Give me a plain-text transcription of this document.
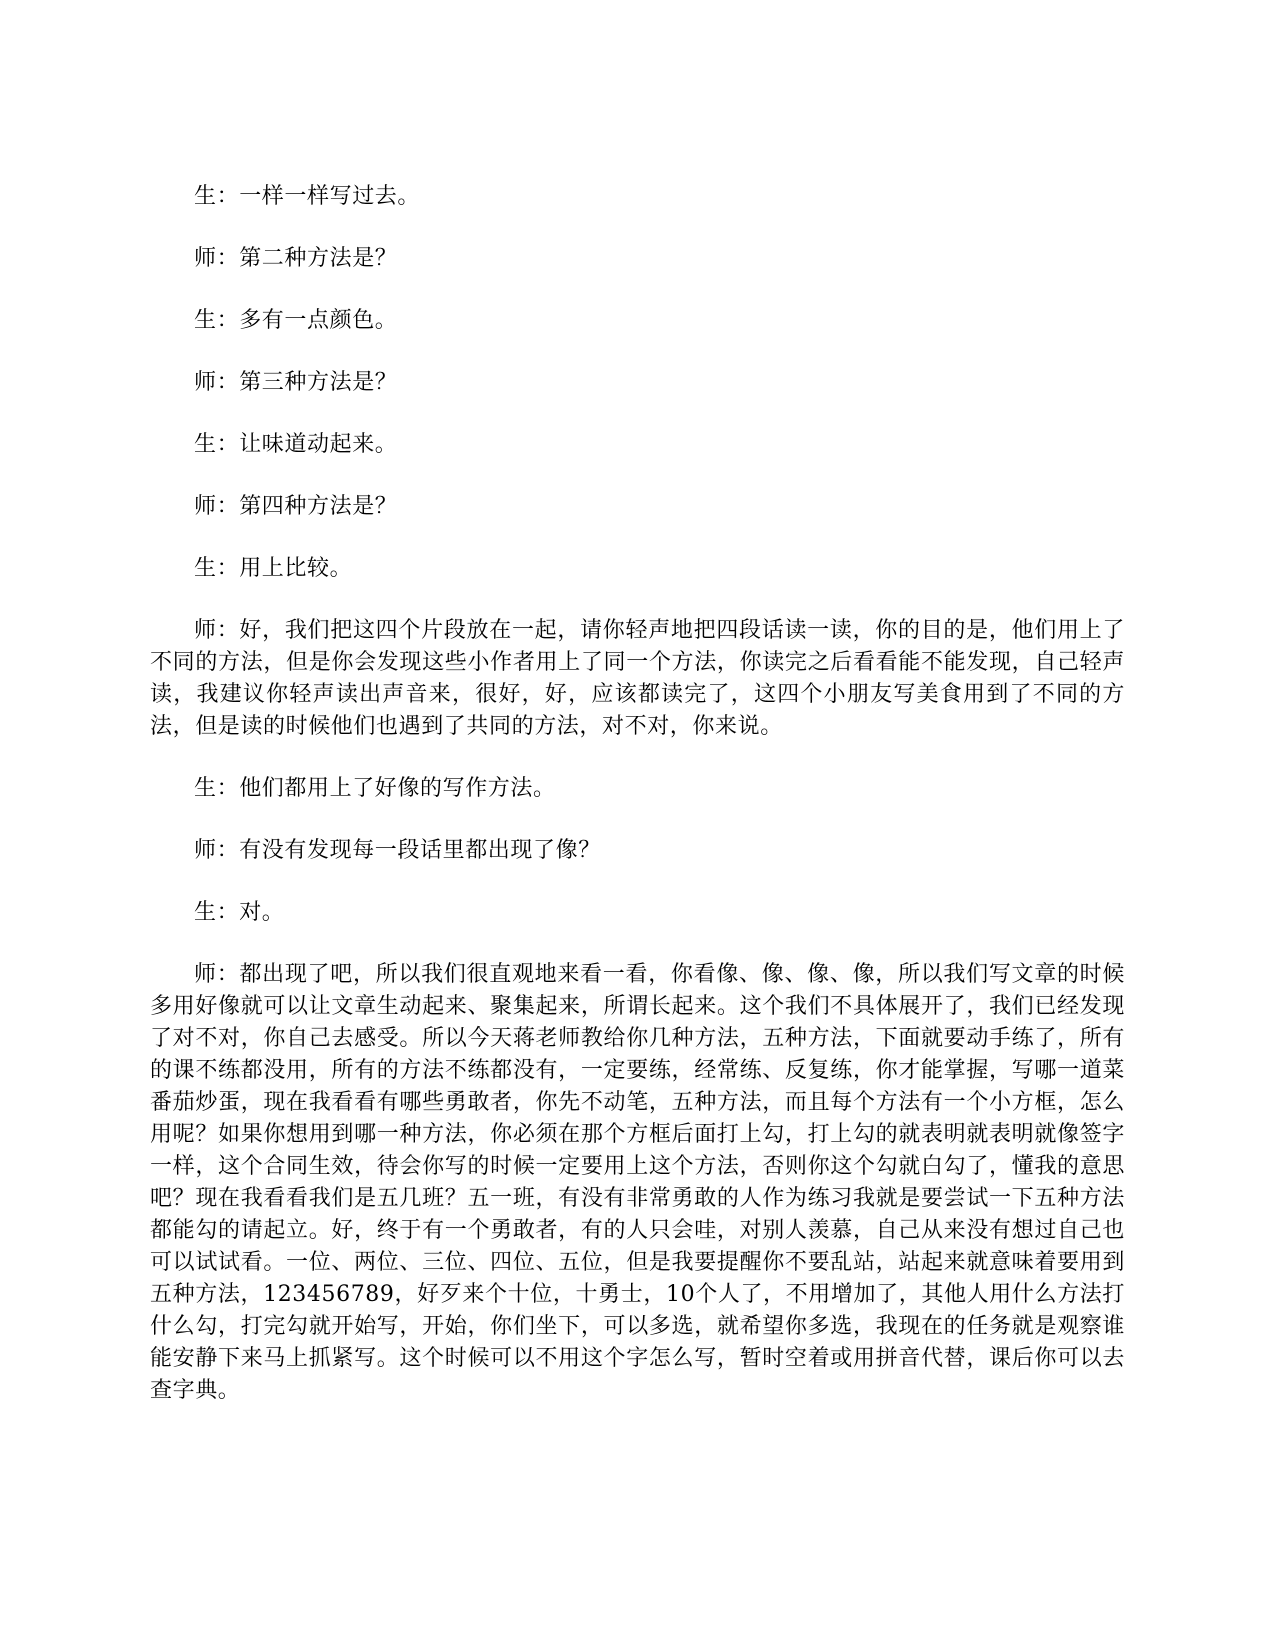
生：一样一样写过去。

师：第二种方法是？

生：多有一点颜色。

师：第三种方法是？

生：让味道动起来。

师：第四种方法是？

生：用上比较。

师：好，我们把这四个片段放在一起，请你轻声地把四段话读一读，你的目的是，他们用上了不同的方法，但是你会发现这些小作者用上了同一个方法，你读完之后看看能不能发现，自己轻声读，我建议你轻声读出声音来，很好，好，应该都读完了，这四个小朋友写美食用到了不同的方法，但是读的时候他们也遇到了共同的方法，对不对，你来说。

生：他们都用上了好像的写作方法。

师：有没有发现每一段话里都出现了像？

生：对。

师：都出现了吧，所以我们很直观地来看一看，你看像、像、像、像，所以我们写文章的时候多用好像就可以让文章生动起来、聚集起来，所谓长起来。这个我们不具体展开了，我们已经发现了对不对，你自己去感受。所以今天蒋老师教给你几种方法，五种方法，下面就要动手练了，所有的课不练都没用，所有的方法不练都没有，一定要练，经常练、反复练，你才能掌握，写哪一道菜番茄炒蛋，现在我看看有哪些勇敢者，你先不动笔，五种方法，而且每个方法有一个小方框，怎么用呢？如果你想用到哪一种方法，你必须在那个方框后面打上勾，打上勾的就表明就表明就像签字一样，这个合同生效，待会你写的时候一定要用上这个方法，否则你这个勾就白勾了，懂我的意思吧？现在我看看我们是五几班？五一班，有没有非常勇敢的人作为练习我就是要尝试一下五种方法都能勾的请起立。好，终于有一个勇敢者，有的人只会哇，对别人羡慕，自己从来没有想过自己也可以试试看。一位、两位、三位、四位、五位，但是我要提醒你不要乱站，站起来就意味着要用到五种方法，123456789，好歹来个十位，十勇士，10个人了，不用增加了，其他人用什么方法打什么勾，打完勾就开始写，开始，你们坐下，可以多选，就希望你多选，我现在的任务就是观察谁能安静下来马上抓紧写。这个时候可以不用这个字怎么写，暂时空着或用拼音代替，课后你可以去查字典。
